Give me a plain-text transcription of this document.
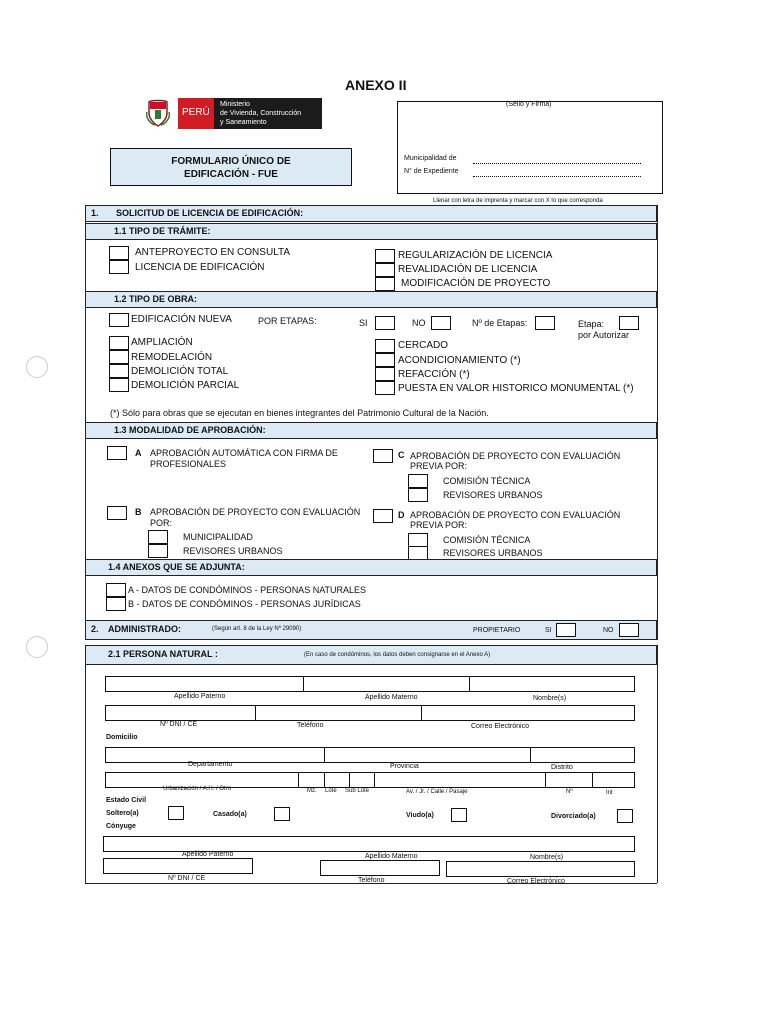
ANEXO II
PERÚ
Ministerio
de Vivienda, Construcción
y Saneamiento
FORMULARIO ÚNICO DE
EDIFICACIÓN - FUE
(Sello y Firma)
Municipalidad de
N° de Expediente
Llenar con letra de imprenta y marcar con X lo que corresponda
1. SOLICITUD DE LICENCIA DE EDIFICACIÓN:
1.1 TIPO DE TRÁMITE:
ANTEPROYECTO EN CONSULTA
LICENCIA DE EDIFICACIÓN
REGULARIZACIÓN DE LICENCIA
REVALIDACIÓN DE LICENCIA
MODIFICACIÓN DE PROYECTO
1.2 TIPO DE OBRA:
EDIFICACIÓN NUEVA	POR ETAPAS:	SI	NO	Nº de Etapas:	Etapa:
por Autorizar
AMPLIACIÓN
REMODELACIÓN
DEMOLICIÓN TOTAL
DEMOLICIÓN PARCIAL
CERCADO
ACONDICIONAMIENTO (*)
REFACCIÓN (*)
PUESTA EN VALOR HISTORICO MONUMENTAL (*)
(*) Sólo para obras que se ejecutan en bienes integrantes del Patrimonio Cultural de la Nación.
1.3 MODALIDAD DE APROBACIÓN:
A APROBACIÓN AUTOMÁTICA CON FIRMA DE
PROFESIONALES
C APROBACIÓN DE PROYECTO CON EVALUACIÓN
PREVIA POR:
COMISIÓN TÉCNICA
REVISORES URBANOS
B APROBACIÓN DE PROYECTO CON EVALUACIÓN
POR:
MUNICIPALIDAD
REVISORES URBANOS
D APROBACIÓN DE PROYECTO CON EVALUACIÓN
PREVIA POR:
COMISIÓN TÉCNICA
REVISORES URBANOS
1.4 ANEXOS QUE SE ADJUNTA:
A - DATOS DE CONDÓMINOS - PERSONAS NATURALES
B - DATOS DE CONDÓMINOS - PERSONAS JURÍDICAS
2. ADMINISTRADO:	(Según art. 8 de la Ley Nº 29090)	PROPIETARIO	SI	NO
2.1 PERSONA NATURAL :	(En caso de condóminos, los datos deben consignarse en el Anexo A)
Apellido Paterno	Apellido Materno	Nombre(s)
Nº DNI / CE	Teléfono	Correo Electrónico
Domicilio
Departamento	Provincia	Distrito
Urbanización / A.H. / Otro	Mz. Lote Sub Lote	Av. / Jr. / Calle / Pasaje	Nº	Int
Estado Civil
Soltero(a)	Casado(a)	Viudo(a)	Divorciado(a)
Cónyuge
Apellido Paterno	Apellido Materno	Nombre(s)
Nº DNI / CE	Teléfono	Correo Electrónico
